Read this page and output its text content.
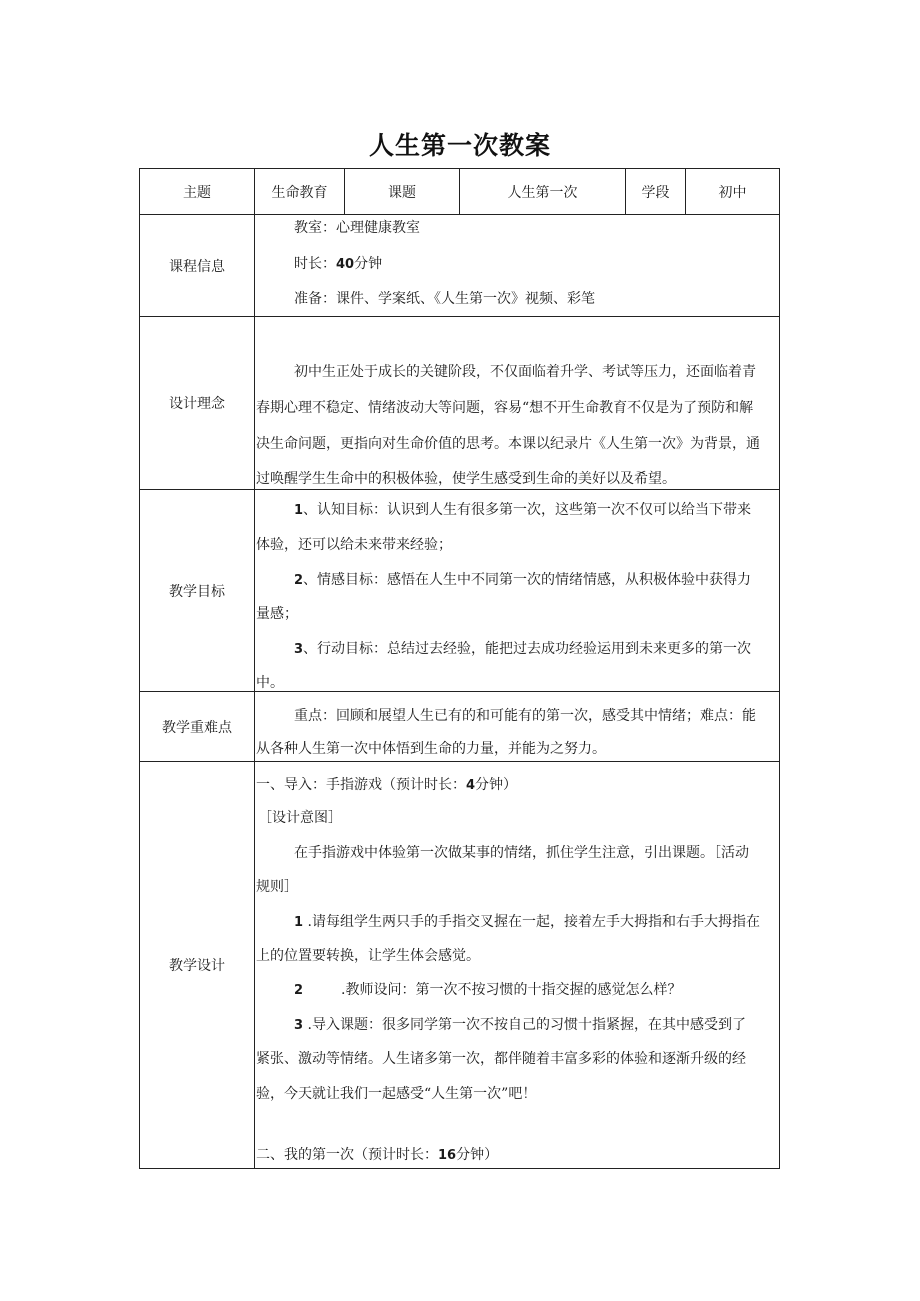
人生第一次教案
主题	生命教育	课题	人生第一次	学段	初中
课程信息
教室：心理健康教室
时长：40分钟
准备：课件、学案纸、《人生第一次》视频、彩笔
设计理念
初中生正处于成长的关键阶段，不仅面临着升学、考试等压力，还面临着青
春期心理不稳定、情绪波动大等问题，容易“想不开生命教育不仅是为了预防和解
决生命问题，更指向对生命价值的思考。本课以纪录片《人生第一次》为背景，通
过唤醒学生生命中的积极体验，使学生感受到生命的美好以及希望。
教学目标
1、认知目标：认识到人生有很多第一次，这些第一次不仅可以给当下带来
体验，还可以给未来带来经验；
2、情感目标：感悟在人生中不同第一次的情绪情感，从积极体验中获得力
量感；
3、行动目标：总结过去经验，能把过去成功经验运用到未来更多的第一次
中。
教学重难点
重点：回顾和展望人生已有的和可能有的第一次，感受其中情绪；难点：能
从各种人生第一次中体悟到生命的力量，并能为之努力。
教学设计
一、导入：手指游戏（预计时长：4分钟）
［设计意图］
在手指游戏中体验第一次做某事的情绪，抓住学生注意，引出课题。［活动
规则］
1 .请每组学生两只手的手指交叉握在一起，接着左手大拇指和右手大拇指在
上的位置要转换，让学生体会感觉。
2	.教师设问：第一次不按习惯的十指交握的感觉怎么样？
3 .导入课题：很多同学第一次不按自己的习惯十指紧握，在其中感受到了
紧张、激动等情绪。人生诸多第一次，都伴随着丰富多彩的体验和逐渐升级的经
验，今天就让我们一起感受“人生第一次”吧！
二、我的第一次（预计时长：16分钟）
